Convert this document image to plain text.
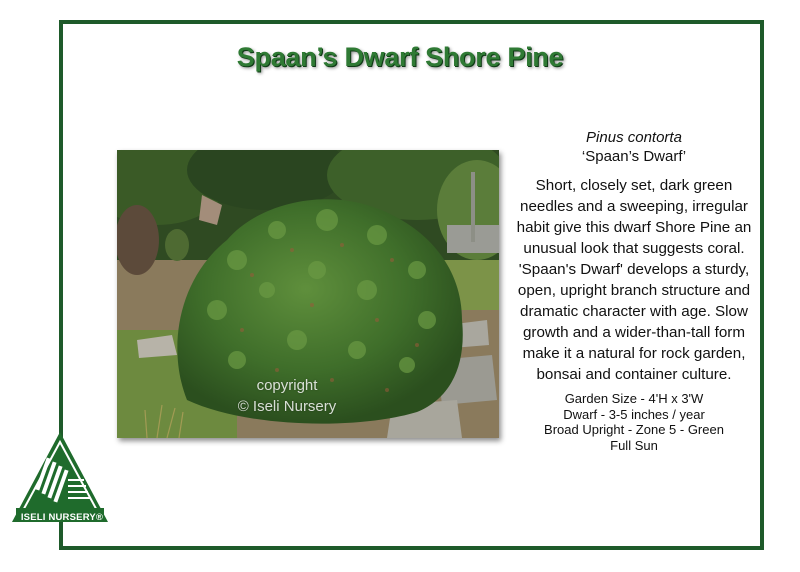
Spaan’s Dwarf Shore Pine
copyright
© Iseli Nursery
Pinus contorta
‘Spaan’s Dwarf’
Short, closely set, dark green needles and a sweeping, irregular habit give this dwarf Shore Pine an unusual look that suggests coral. 'Spaan's Dwarf' develops a sturdy, open, upright branch structure and dramatic character with age. Slow growth and a wider-than-tall form make it a natural for rock garden, bonsai and container culture.
Garden Size - 4'H x 3'W
Dwarf - 3-5 inches / year
Broad Upright - Zone 5 - Green
Full Sun
ISELI NURSERY®
